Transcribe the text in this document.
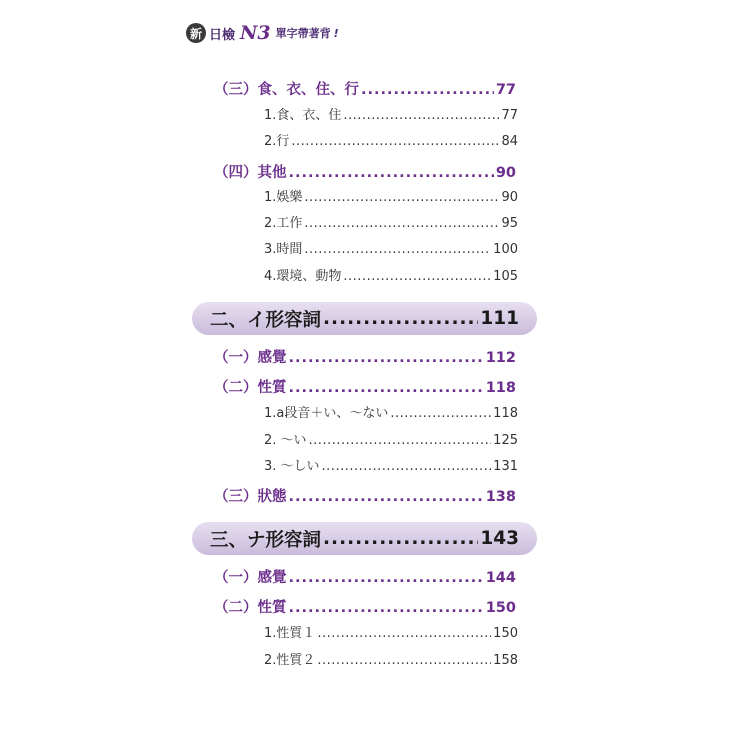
新 日檢 N3 單字帶著背 !
（三）食、衣、住、行 .....	77
1.食、衣、住 .....	77
2.行 .....	84
（四）其他 .....	90
1.娛樂 .....	90
2.工作 .....	95
3.時間 .....	100
4.環境、動物 .....	105
二、イ形容詞 .....	111
（一）感覺 .....	112
（二）性質 .....	118
1.a段音＋い、～ない .....	118
2. ～い .....	125
3. ～しい .....	131
（三）狀態 .....	138
三、ナ形容詞 .....	143
（一）感覺 .....	144
（二）性質 .....	150
1.性質１ .....	150
2.性質２ .....	158
